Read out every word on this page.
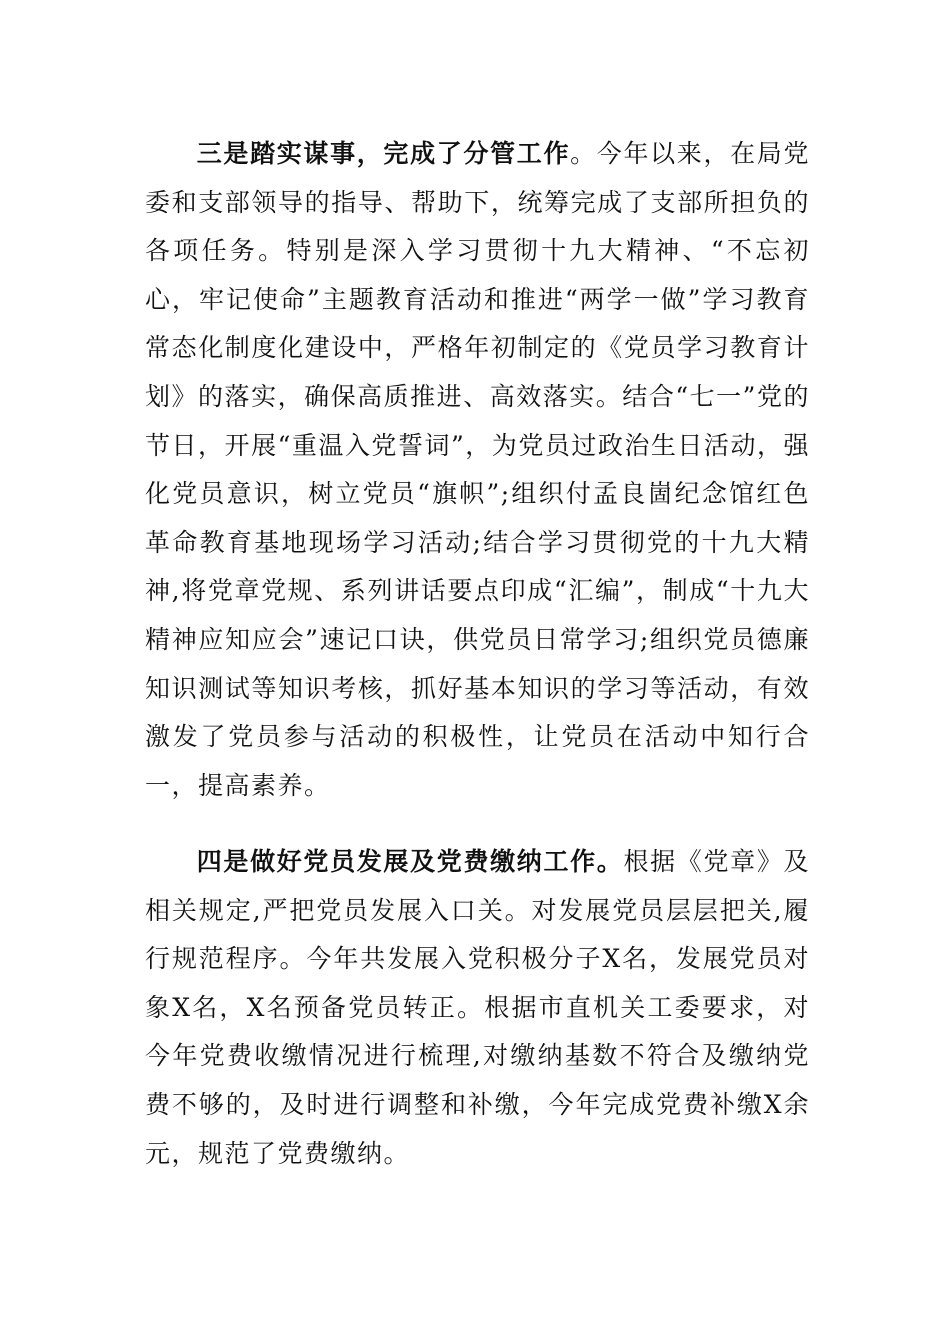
三是踏实谋事，完成了分管工作。今年以来，在局党委和支部领导的指导、帮助下，统筹完成了支部所担负的各项任务。特别是深入学习贯彻十九大精神、“不忘初心，牢记使命”主题教育活动和推进“两学一做”学习教育常态化制度化建设中，严格年初制定的《党员学习教育计划》的落实，确保高质推进、高效落实。结合“七一”党的节日，开展“重温入党誓词”，为党员过政治生日活动，强化党员意识，树立党员“旗帜”;组织付孟良崮纪念馆红色革命教育基地现场学习活动;结合学习贯彻党的十九大精神,将党章党规、系列讲话要点印成“汇编”，制成“十九大精神应知应会”速记口诀，供党员日常学习;组织党员德廉知识测试等知识考核，抓好基本知识的学习等活动，有效激发了党员参与活动的积极性，让党员在活动中知行合一，提高素养。

四是做好党员发展及党费缴纳工作。根据《党章》及相关规定,严把党员发展入口关。对发展党员层层把关,履行规范程序。今年共发展入党积极分子X名，发展党员对象X名，X名预备党员转正。根据市直机关工委要求，对今年党费收缴情况进行梳理,对缴纳基数不符合及缴纳党费不够的，及时进行调整和补缴，今年完成党费补缴X余元，规范了党费缴纳。
